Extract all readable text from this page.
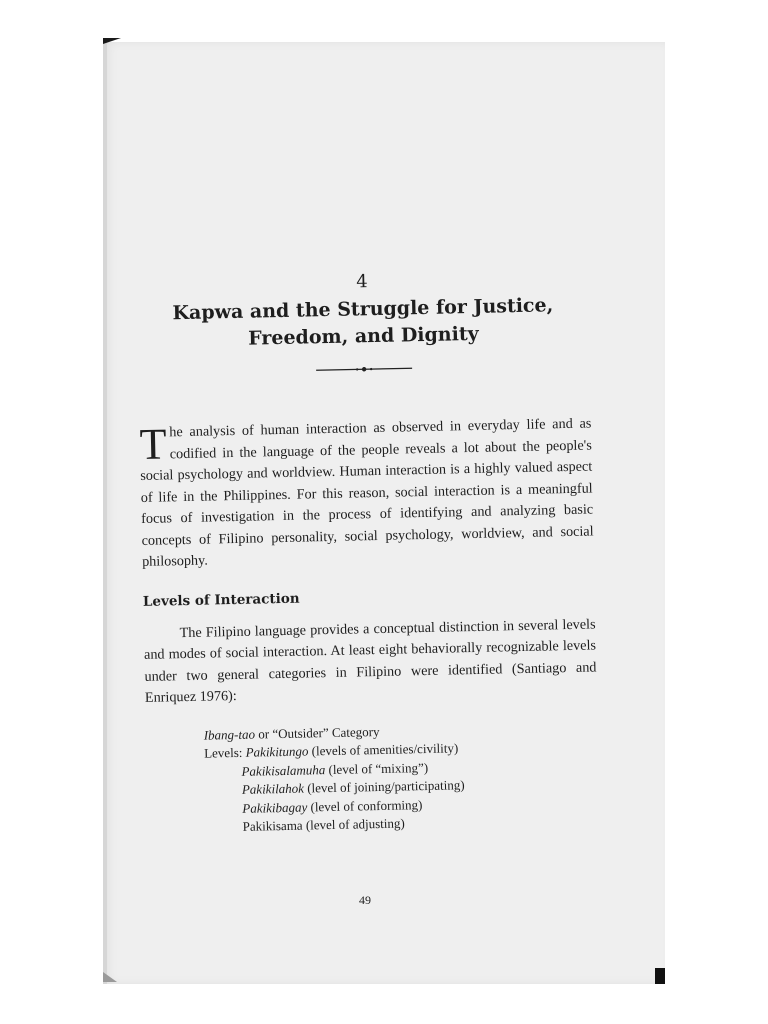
4
Kapwa and the Struggle for Justice,
Freedom, and Dignity

The analysis of human interaction as observed in everyday life and as codified in the language of the people reveals a lot about the people's social psychology and worldview. Human interaction is a highly valued aspect of life in the Philippines. For this reason, social interaction is a meaningful focus of investigation in the process of identifying and analyzing basic concepts of Filipino personality, social psychology, worldview, and social philosophy.

Levels of Interaction

The Filipino language provides a conceptual distinction in several levels and modes of social interaction. At least eight behaviorally recognizable levels under two general categories in Filipino were identified (Santiago and Enriquez 1976):

Ibang-tao or “Outsider” Category
Levels: Pakikitungo (levels of amenities/civility)
Pakikisalamuha (level of “mixing”)
Pakikilahok (level of joining/participating)
Pakikibagay (level of conforming)
Pakikisama (level of adjusting)
49
